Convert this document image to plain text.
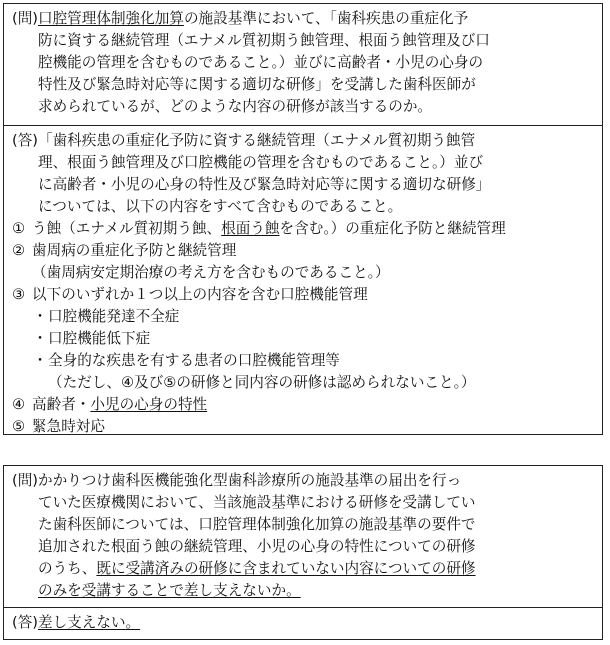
(問) 口腔管理体制強化加算の施設基準において、「歯科疾患の重症化予
防に資する継続管理（エナメル質初期う蝕管理、根面う蝕管理及び口
腔機能の管理を含むものであること。）並びに高齢者・小児の心身の
特性及び緊急時対応等に関する適切な研修」を受講した歯科医師が
求められているが、どのような内容の研修が該当するのか。
(答) 「歯科疾患の重症化予防に資する継続管理（エナメル質初期う蝕管
理、根面う蝕管理及び口腔機能の管理を含むものであること。）並び
に高齢者・小児の心身の特性及び緊急時対応等に関する適切な研修」
については、以下の内容をすべて含むものであること。
① う蝕（エナメル質初期う蝕、根面う蝕を含む。）の重症化予防と継続管理
② 歯周病の重症化予防と継続管理
（歯周病安定期治療の考え方を含むものであること。）
③ 以下のいずれか１つ以上の内容を含む口腔機能管理
・ 口腔機能発達不全症
・ 口腔機能低下症
・ 全身的な疾患を有する患者の口腔機能管理等
（ただし、④及び⑤の研修と同内容の研修は認められないこと。）
④ 高齢者・小児の心身の特性
⑤ 緊急時対応
(問) かかりつけ歯科医機能強化型歯科診療所の施設基準の届出を行っ
ていた医療機関において、当該施設基準における研修を受講してい
た歯科医師については、口腔管理体制強化加算の施設基準の要件で
追加された根面う蝕の継続管理、小児の心身の特性についての研修
のうち、既に受講済みの研修に含まれていない内容についての研修
のみを受講することで差し支えないか。
(答) 差し支えない。
